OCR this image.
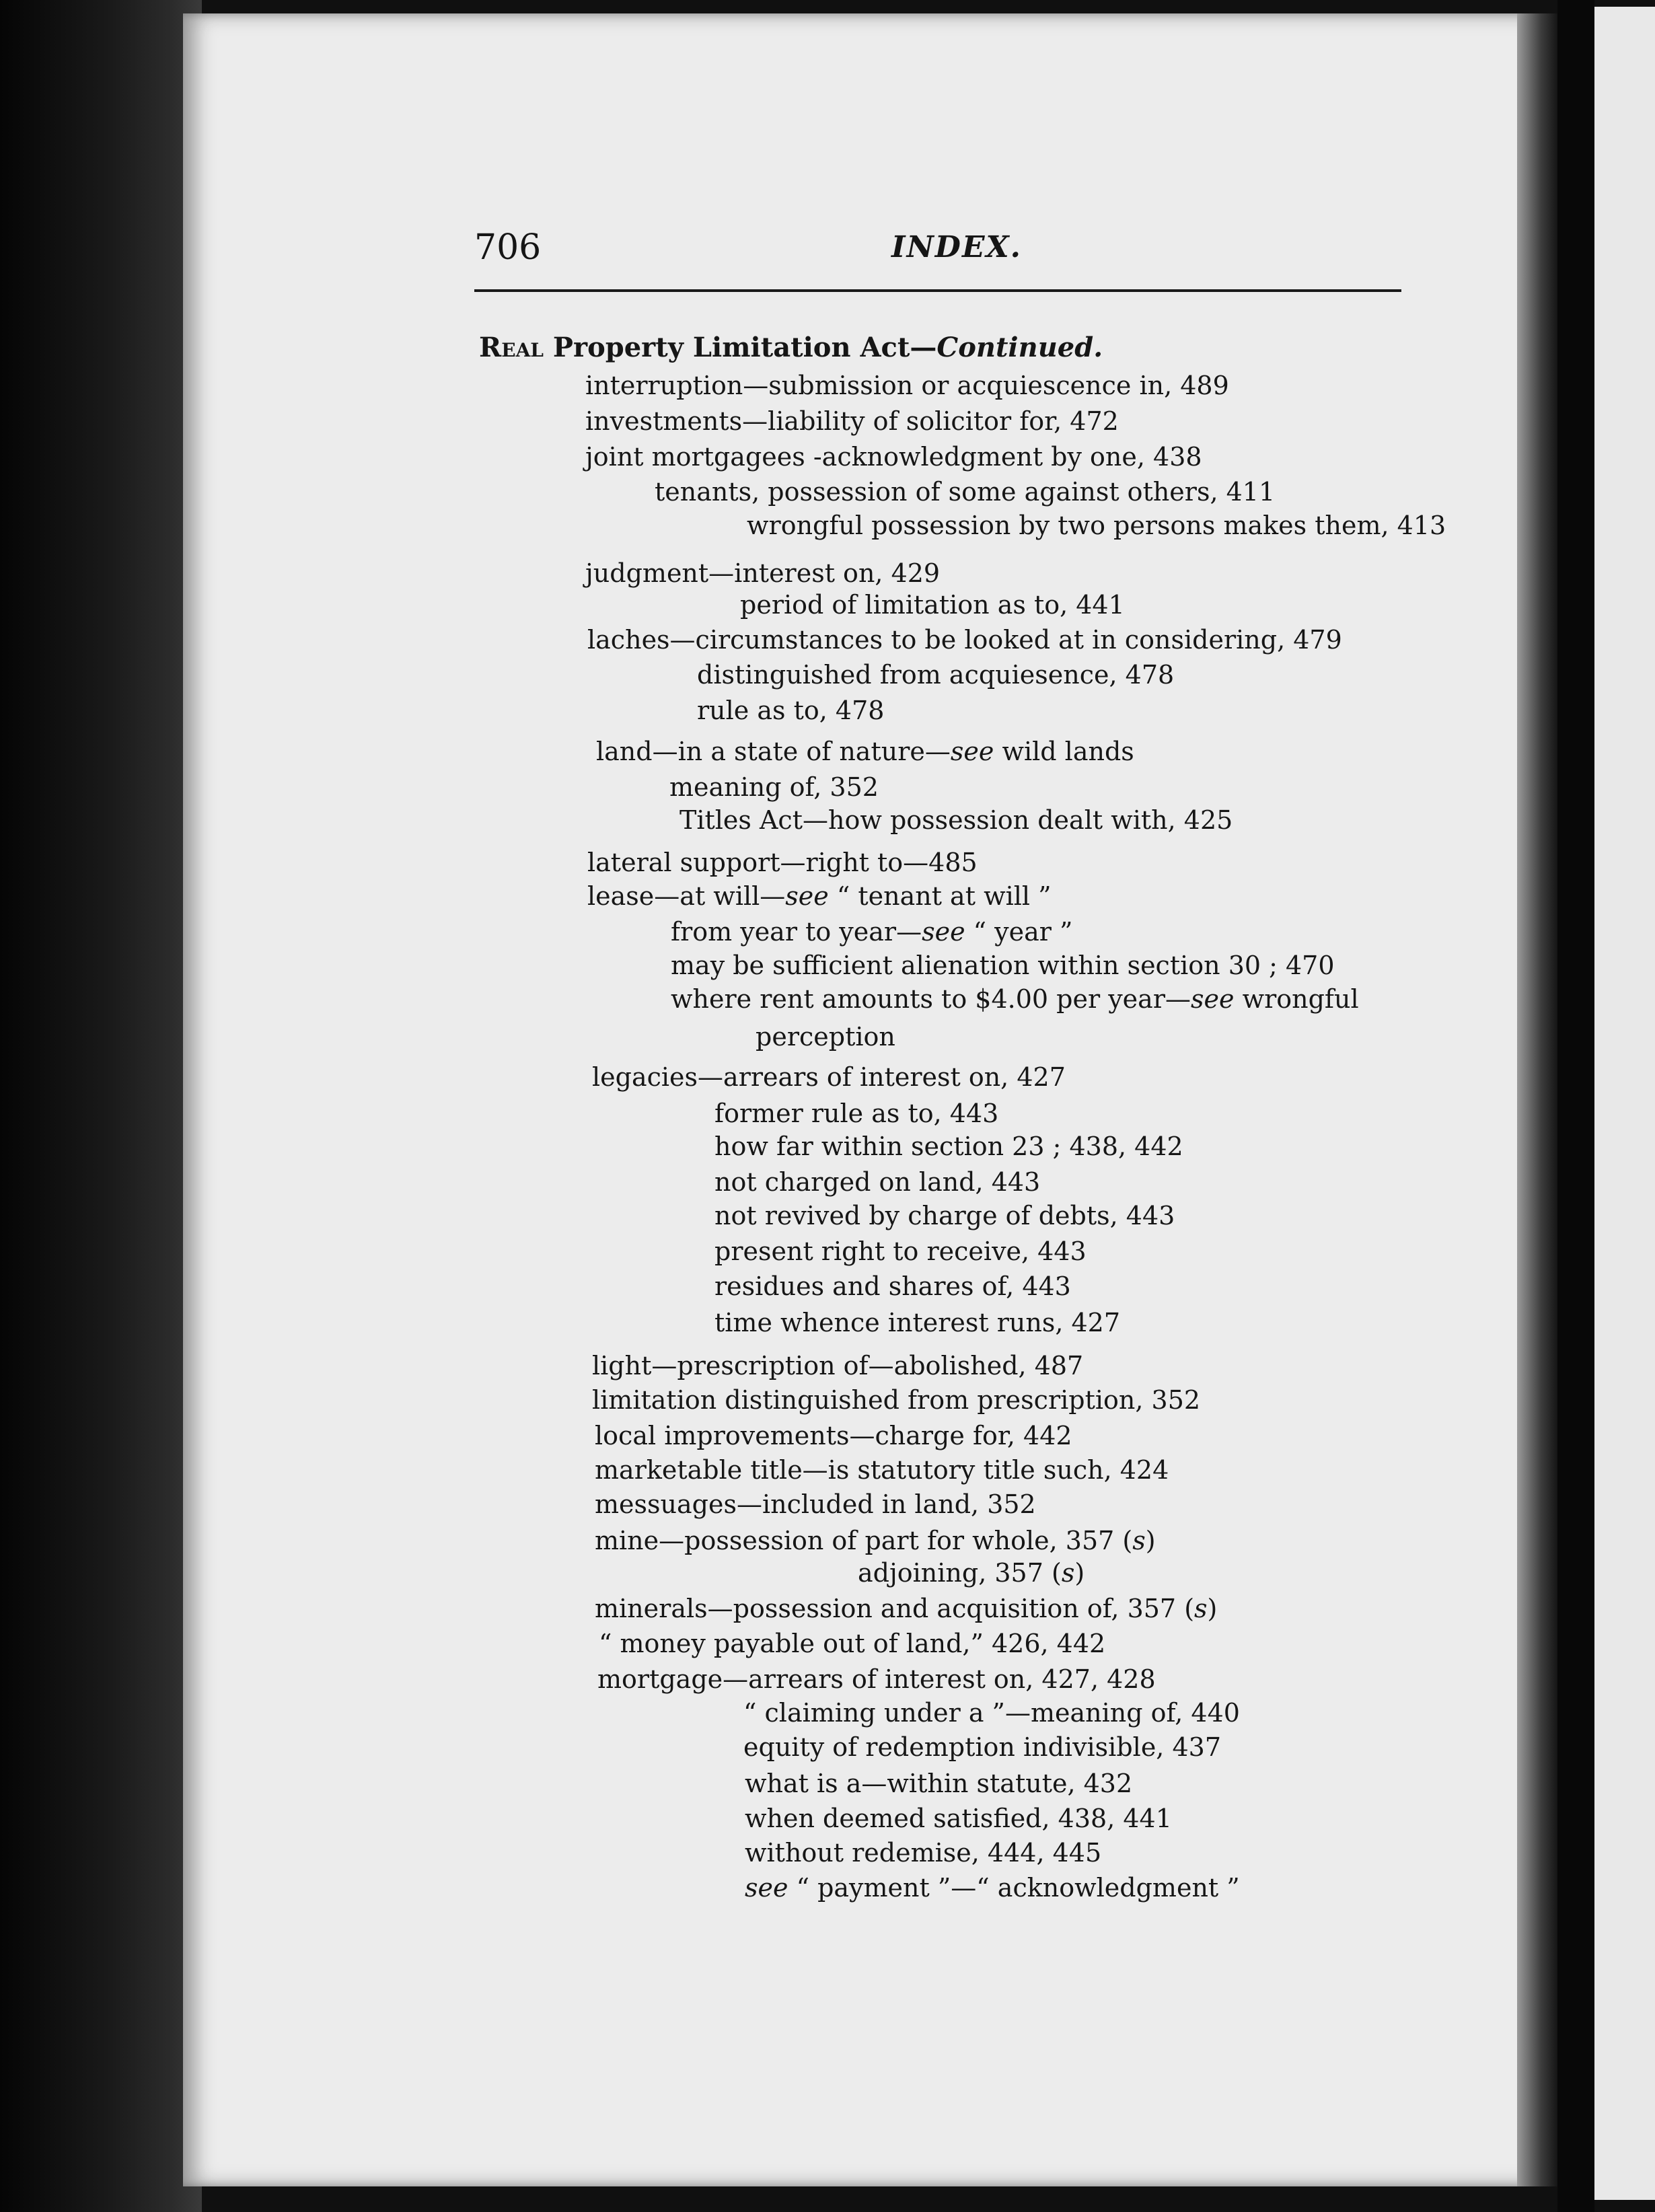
706	INDEX.
Real Property Limitation Act—Continued.
interruption—submission or acquiescence in, 489
investments—liability of solicitor for, 472
joint mortgagees -acknowledgment by one, 438
tenants, possession of some against others, 411
wrongful possession by two persons makes them, 413
judgment—interest on, 429
period of limitation as to, 441
laches—circumstances to be looked at in considering, 479
distinguished from acquiesence, 478
rule as to, 478
land—in a state of nature—see wild lands
meaning of, 352
Titles Act—how possession dealt with, 425
lateral support—right to—485
lease—at will—see “ tenant at will ”
from year to year—see “ year ”
may be sufficient alienation within section 30 ; 470
where rent amounts to $4.00 per year—see wrongful
perception
legacies—arrears of interest on, 427
former rule as to, 443
how far within section 23 ; 438, 442
not charged on land, 443
not revived by charge of debts, 443
present right to receive, 443
residues and shares of, 443
time whence interest runs, 427
light—prescription of—abolished, 487
limitation distinguished from prescription, 352
local improvements—charge for, 442
marketable title—is statutory title such, 424
messuages—included in land, 352
mine—possession of part for whole, 357 (s)
adjoining, 357 (s)
minerals—possession and acquisition of, 357 (s)
“ money payable out of land,” 426, 442
mortgage—arrears of interest on, 427, 428
“ claiming under a ”—meaning of, 440
equity of redemption indivisible, 437
what is a—within statute, 432
when deemed satisfied, 438, 441
without redemise, 444, 445
see “ payment ”—“ acknowledgment ”
